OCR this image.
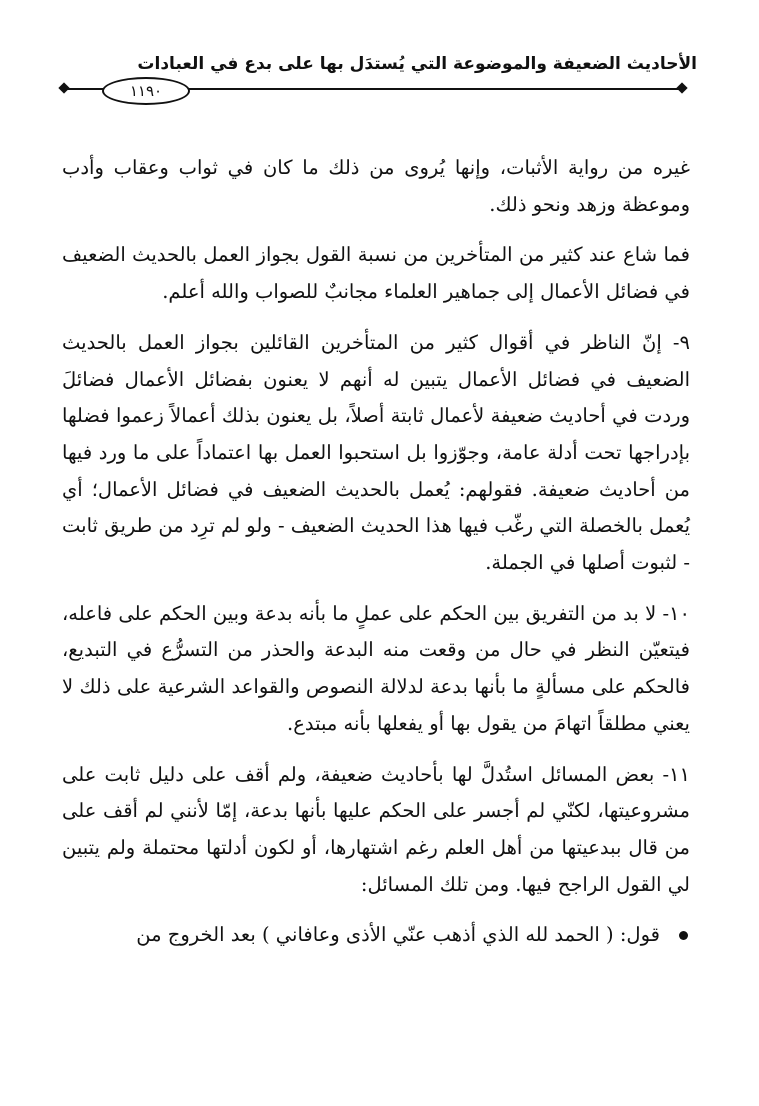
الأحاديث الضعيفة والموضوعة التي يُستدَل بها على بدع في العبادات
١١٩٠

غيره من رواية الأثبات، وإنها يُروى من ذلك ما كان في ثواب وعقاب وأدب وموعظة وزهد ونحو ذلك.

فما شاع عند كثير من المتأخرين من نسبة القول بجواز العمل بالحديث الضعيف في فضائل الأعمال إلى جماهير العلماء مجانبٌ للصواب والله أعلم.

٩- إنّ الناظر في أقوال كثير من المتأخرين القائلين بجواز العمل بالحديث الضعيف في فضائل الأعمال يتبين له أنهم لا يعنون بفضائل الأعمال فضائلَ وردت في أحاديث ضعيفة لأعمال ثابتة أصلاً، بل يعنون بذلك أعمالاً زعموا فضلها بإدراجها تحت أدلة عامة، وجوّزوا بل استحبوا العمل بها اعتماداً على ما ورد فيها من أحاديث ضعيفة. فقولهم: يُعمل بالحديث الضعيف في فضائل الأعمال؛ أي يُعمل بالخصلة التي رغّب فيها هذا الحديث الضعيف - ولو لم ترِد من طريق ثابت - لثبوت أصلها في الجملة.

١٠- لا بد من التفريق بين الحكم على عملٍ ما بأنه بدعة وبين الحكم على فاعله، فيتعيّن النظر في حال من وقعت منه البدعة والحذر من التسرُّع في التبديع، فالحكم على مسألةٍ ما بأنها بدعة لدلالة النصوص والقواعد الشرعية على ذلك لا يعني مطلقاً اتهامَ من يقول بها أو يفعلها بأنه مبتدع.

١١- بعض المسائل استُدلَّ لها بأحاديث ضعيفة، ولم أقف على دليل ثابت على مشروعيتها، لكنّي لم أجسر على الحكم عليها بأنها بدعة، إمّا لأنني لم أقف على من قال ببدعيتها من أهل العلم رغم اشتهارها، أو لكون أدلتها محتملة ولم يتبين لي القول الراجح فيها. ومن تلك المسائل:

قول: ( الحمد لله الذي أذهب عنّي الأذى وعافاني ) بعد الخروج من
